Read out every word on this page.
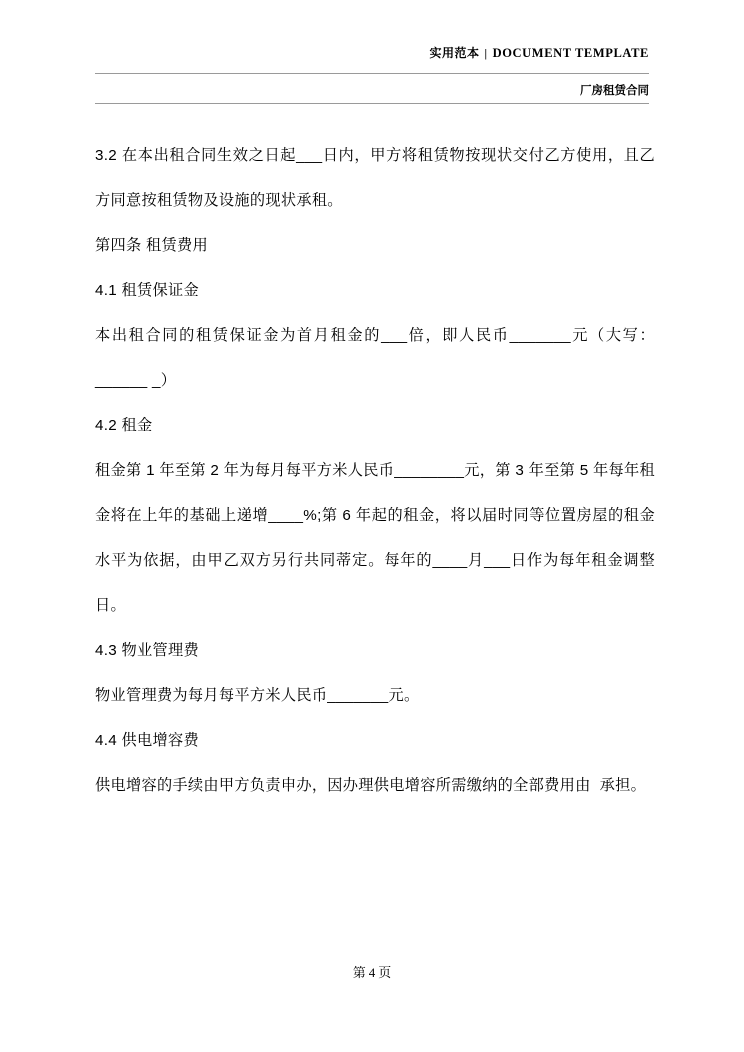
实用范本 | DOCUMENT TEMPLATE
厂房租赁合同

3.2 在本出租合同生效之日起___日内，甲方将租赁物按现状交付乙方使用，且乙方同意按租赁物及设施的现状承租。

第四条 租赁费用

4.1 租赁保证金

本出租合同的租赁保证金为首月租金的___倍，即人民币_______元（大写：______ _）

4.2 租金

租金第 1 年至第 2 年为每月每平方米人民币________元，第 3 年至第 5 年每年租金将在上年的基础上递增____%;第 6 年起的租金，将以届时同等位置房屋的租金水平为依据，由甲乙双方另行共同蒂定。每年的____月___日作为每年租金调整日。

4.3 物业管理费

物业管理费为每月每平方米人民币_______元。

4.4 供电增容费

供电增容的手续由甲方负责申办，因办理供电增容所需缴纳的全部费用由  承担。

第 4 页
